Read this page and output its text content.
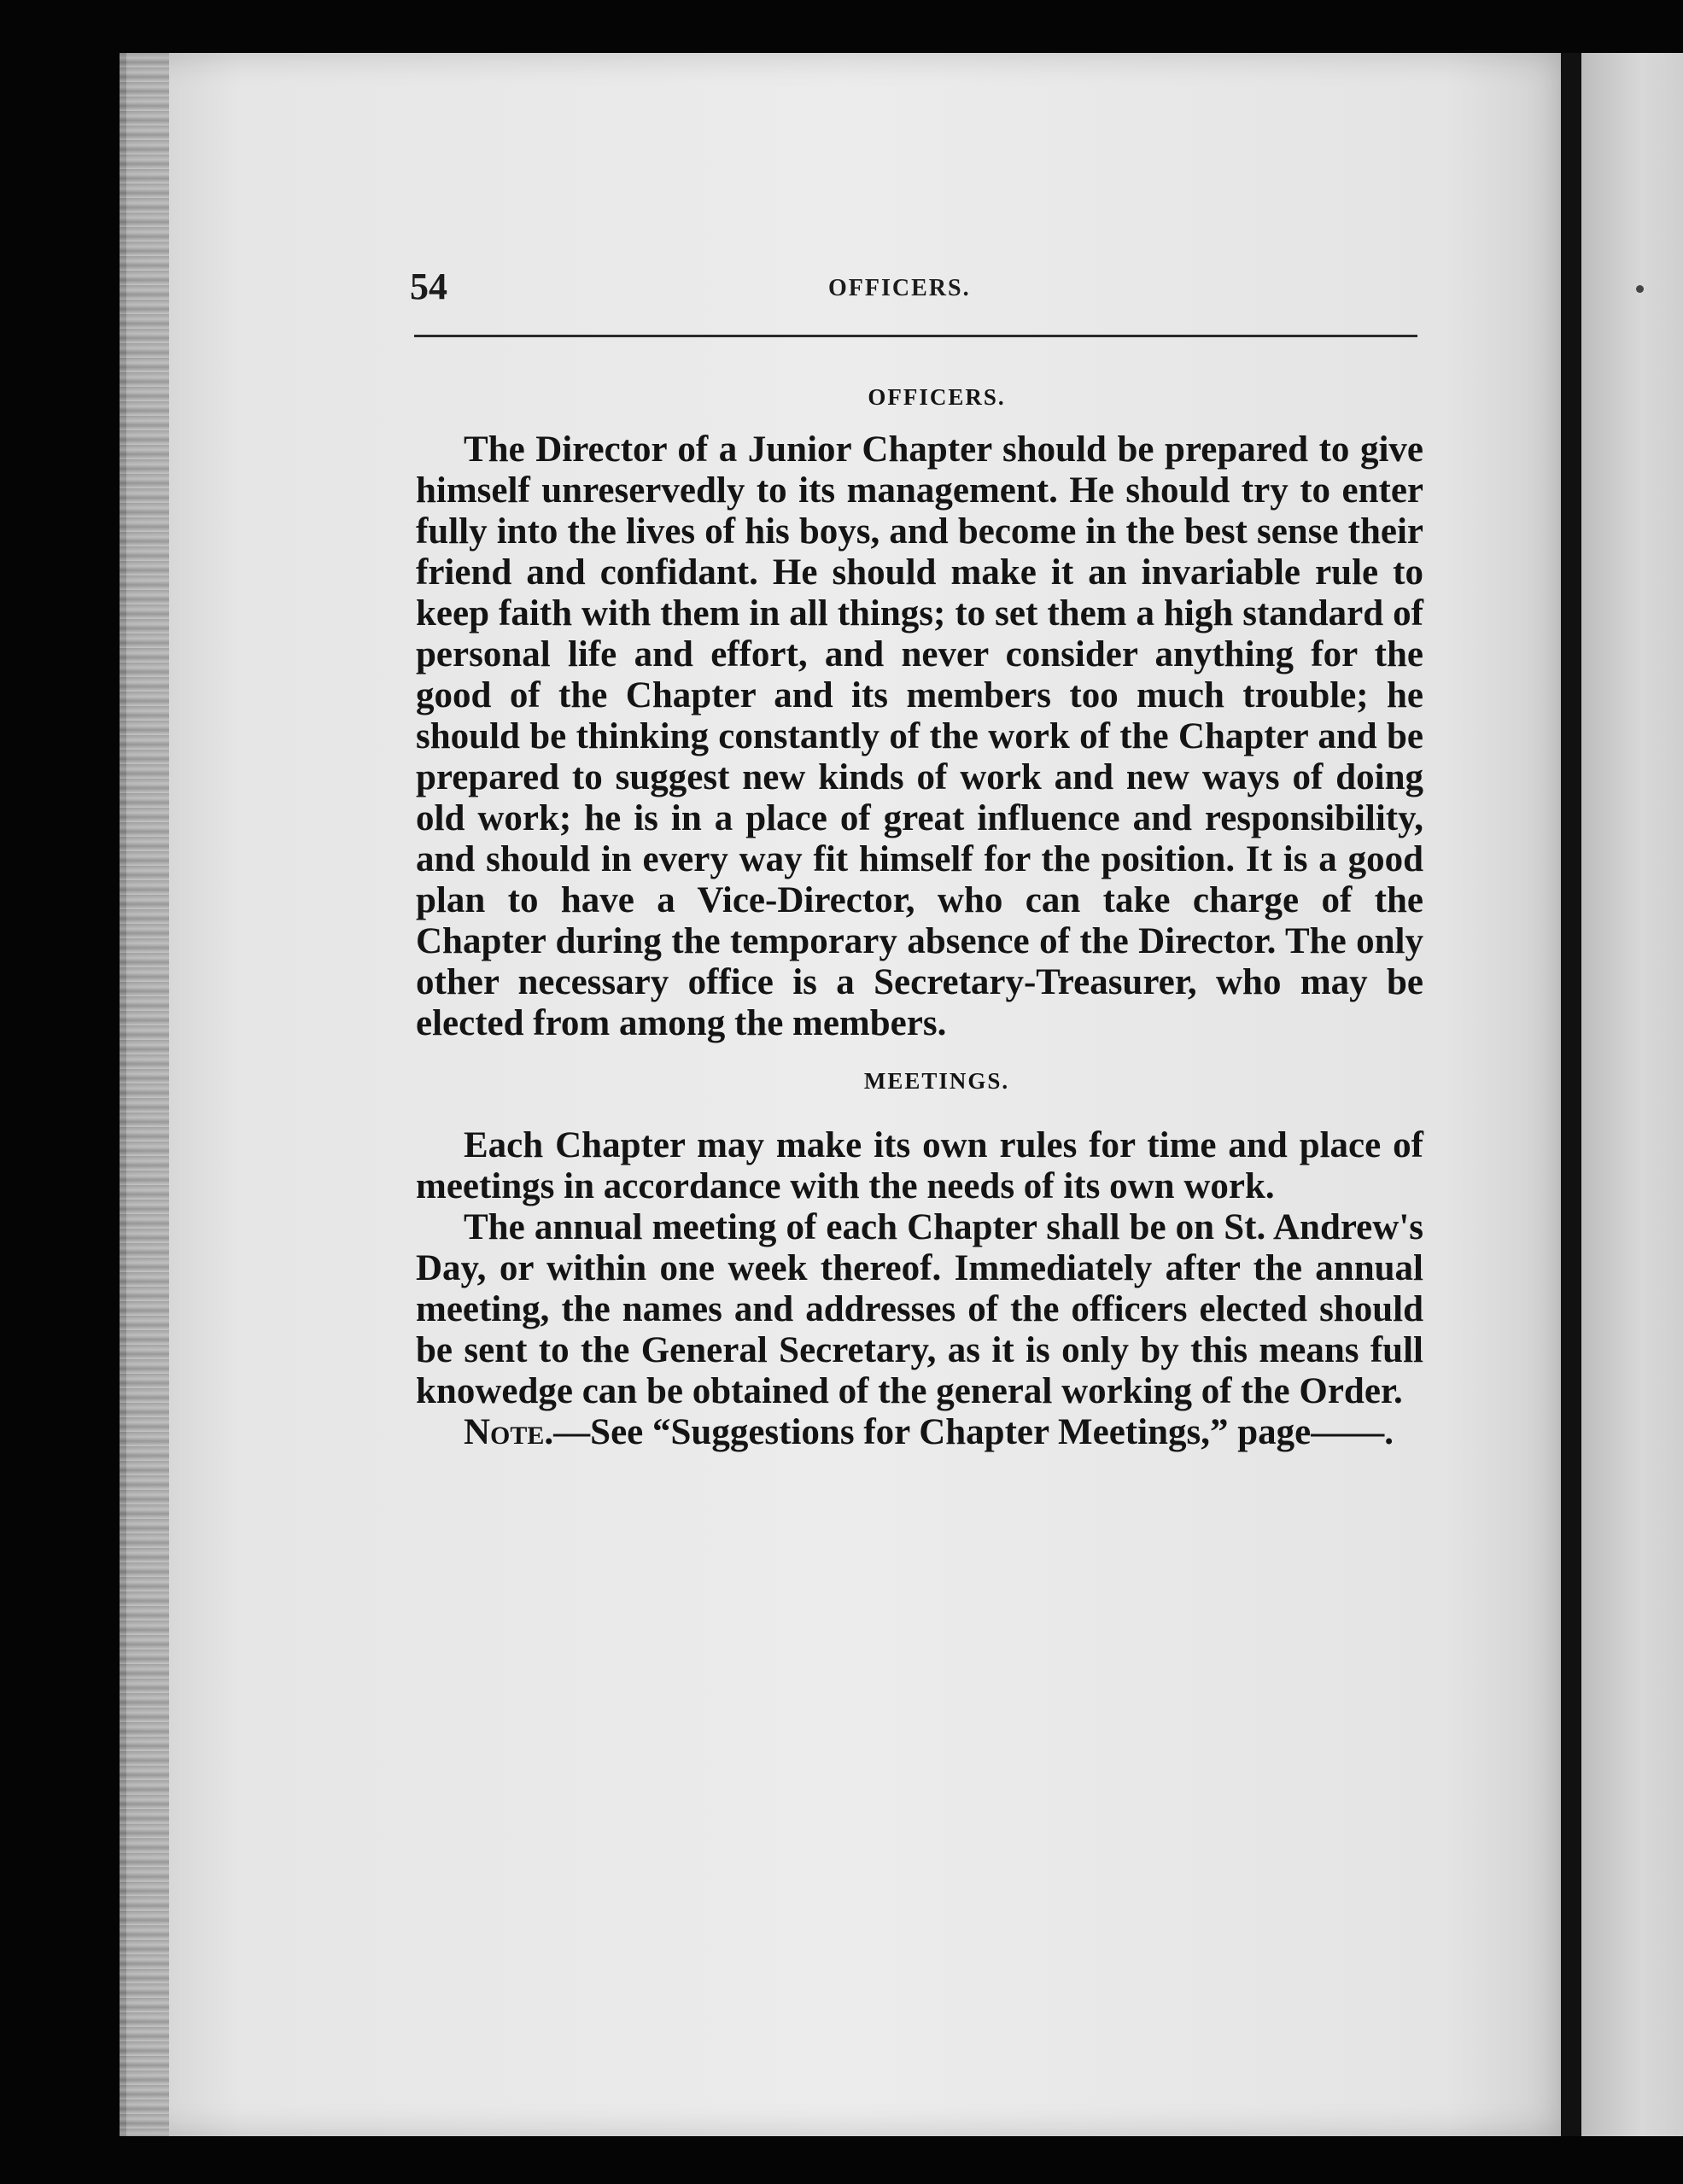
54	OFFICERS.
OFFICERS.

The Director of a Junior Chapter should be prepared to give himself unreservedly to its management. He should try to enter fully into the lives of his boys, and become in the best sense their friend and confidant. He should make it an invariable rule to keep faith with them in all things; to set them a high standard of personal life and effort, and never consider anything for the good of the Chapter and its members too much trouble; he should be thinking constantly of the work of the Chapter and be prepared to suggest new kinds of work and new ways of doing old work; he is in a place of great influence and responsibility, and should in every way fit himself for the position. It is a good plan to have a Vice-Director, who can take charge of the Chapter during the temporary absence of the Director. The only other necessary office is a Secretary-Treasurer, who may be elected from among the members.

MEETINGS.

Each Chapter may make its own rules for time and place of meetings in accordance with the needs of its own work.

The annual meeting of each Chapter shall be on St. Andrew's Day, or within one week thereof. Immediately after the annual meeting, the names and addresses of the officers elected should be sent to the General Secretary, as it is only by this means full knowedge can be obtained of the general working of the Order.

Note.—See “Suggestions for Chapter Meetings,” page——.
